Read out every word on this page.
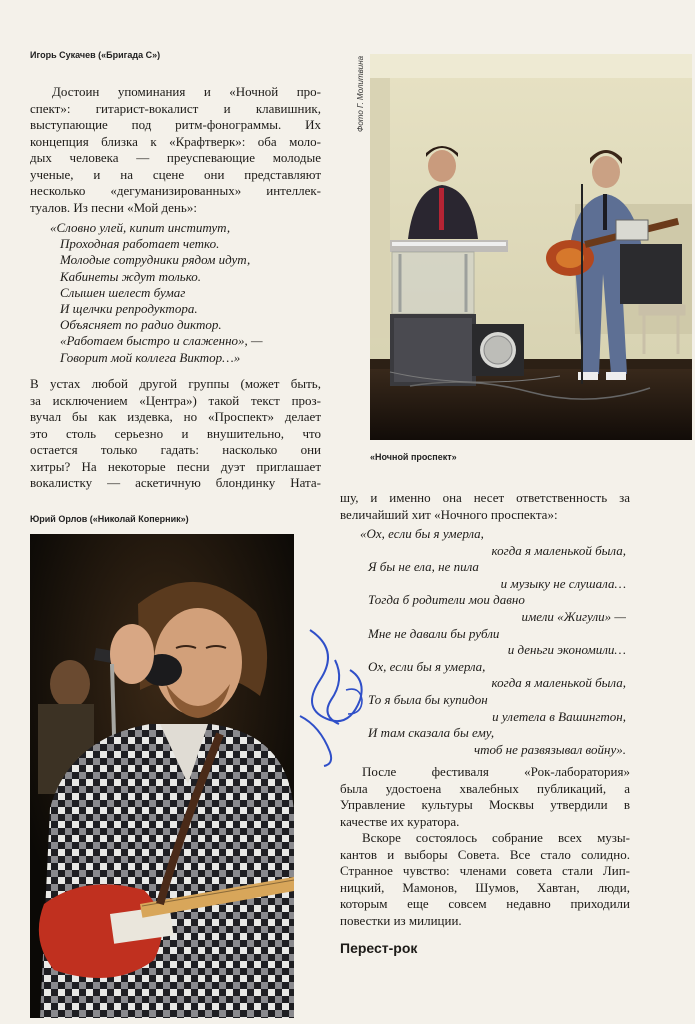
Игорь Сукачев («Бригада С»)
Достоин упоминания и «Ночной про-
спект»: гитарист-вокалист и клавишник,
выступающие под ритм-фонограммы. Их
концепция близка к «Крафтверк»: оба моло-
дых человека — преуспевающие молодые
ученые, и на сцене они представляют
несколько «дегуманизированных» интеллек-
туалов. Из песни «Мой день»:
«Словно улей, кипит институт,
Проходная работает четко.
Молодые сотрудники рядом идут,
Кабинеты ждут только.
Слышен шелест бумаг
И щелчки репродуктора.
Объясняет по радио диктор.
«Работаем быстро и слаженно», —
Говорит мой коллега Виктор…»
В устах любой другой группы (может быть,
за исключением «Центра») такой текст проз-
вучал бы как издевка, но «Проспект» делает
это столь серьезно и внушительно, что
остается только гадать: насколько они
хитры? На некоторые песни дуэт приглашает
вокалистку — аскетичную блондинку Ната-
Фото Г. Молитвина
«Ночной проспект»
Юрий Орлов («Николай Коперник»)
шу, и именно она несет ответственность за
величайший хит «Ночного проспекта»:
«Ох, если бы я умерла,
когда я маленькой была,
Я бы не ела, не пила
и музыку не слушала…
Тогда б родители мои давно
имели «Жигули» —
Мне не давали бы рубли
и деньги экономили…
Ох, если бы я умерла,
когда я маленькой была,
То я была бы купидон
и улетела в Вашингтон,
И там сказала бы ему,
чтоб не развязывал войну».
После фестиваля «Рок-лаборатория»
была удостоена хвалебных публикаций, а
Управление культуры Москвы утвердили в
качестве их куратора.
Вскоре состоялось собрание всех музы-
кантов и выборы Совета. Все стало солидно.
Странное чувство: членами совета стали Лип-
ницкий, Мамонов, Шумов, Хавтан, люди,
которым еще совсем недавно приходили
повестки из милиции.
Перест-рок
